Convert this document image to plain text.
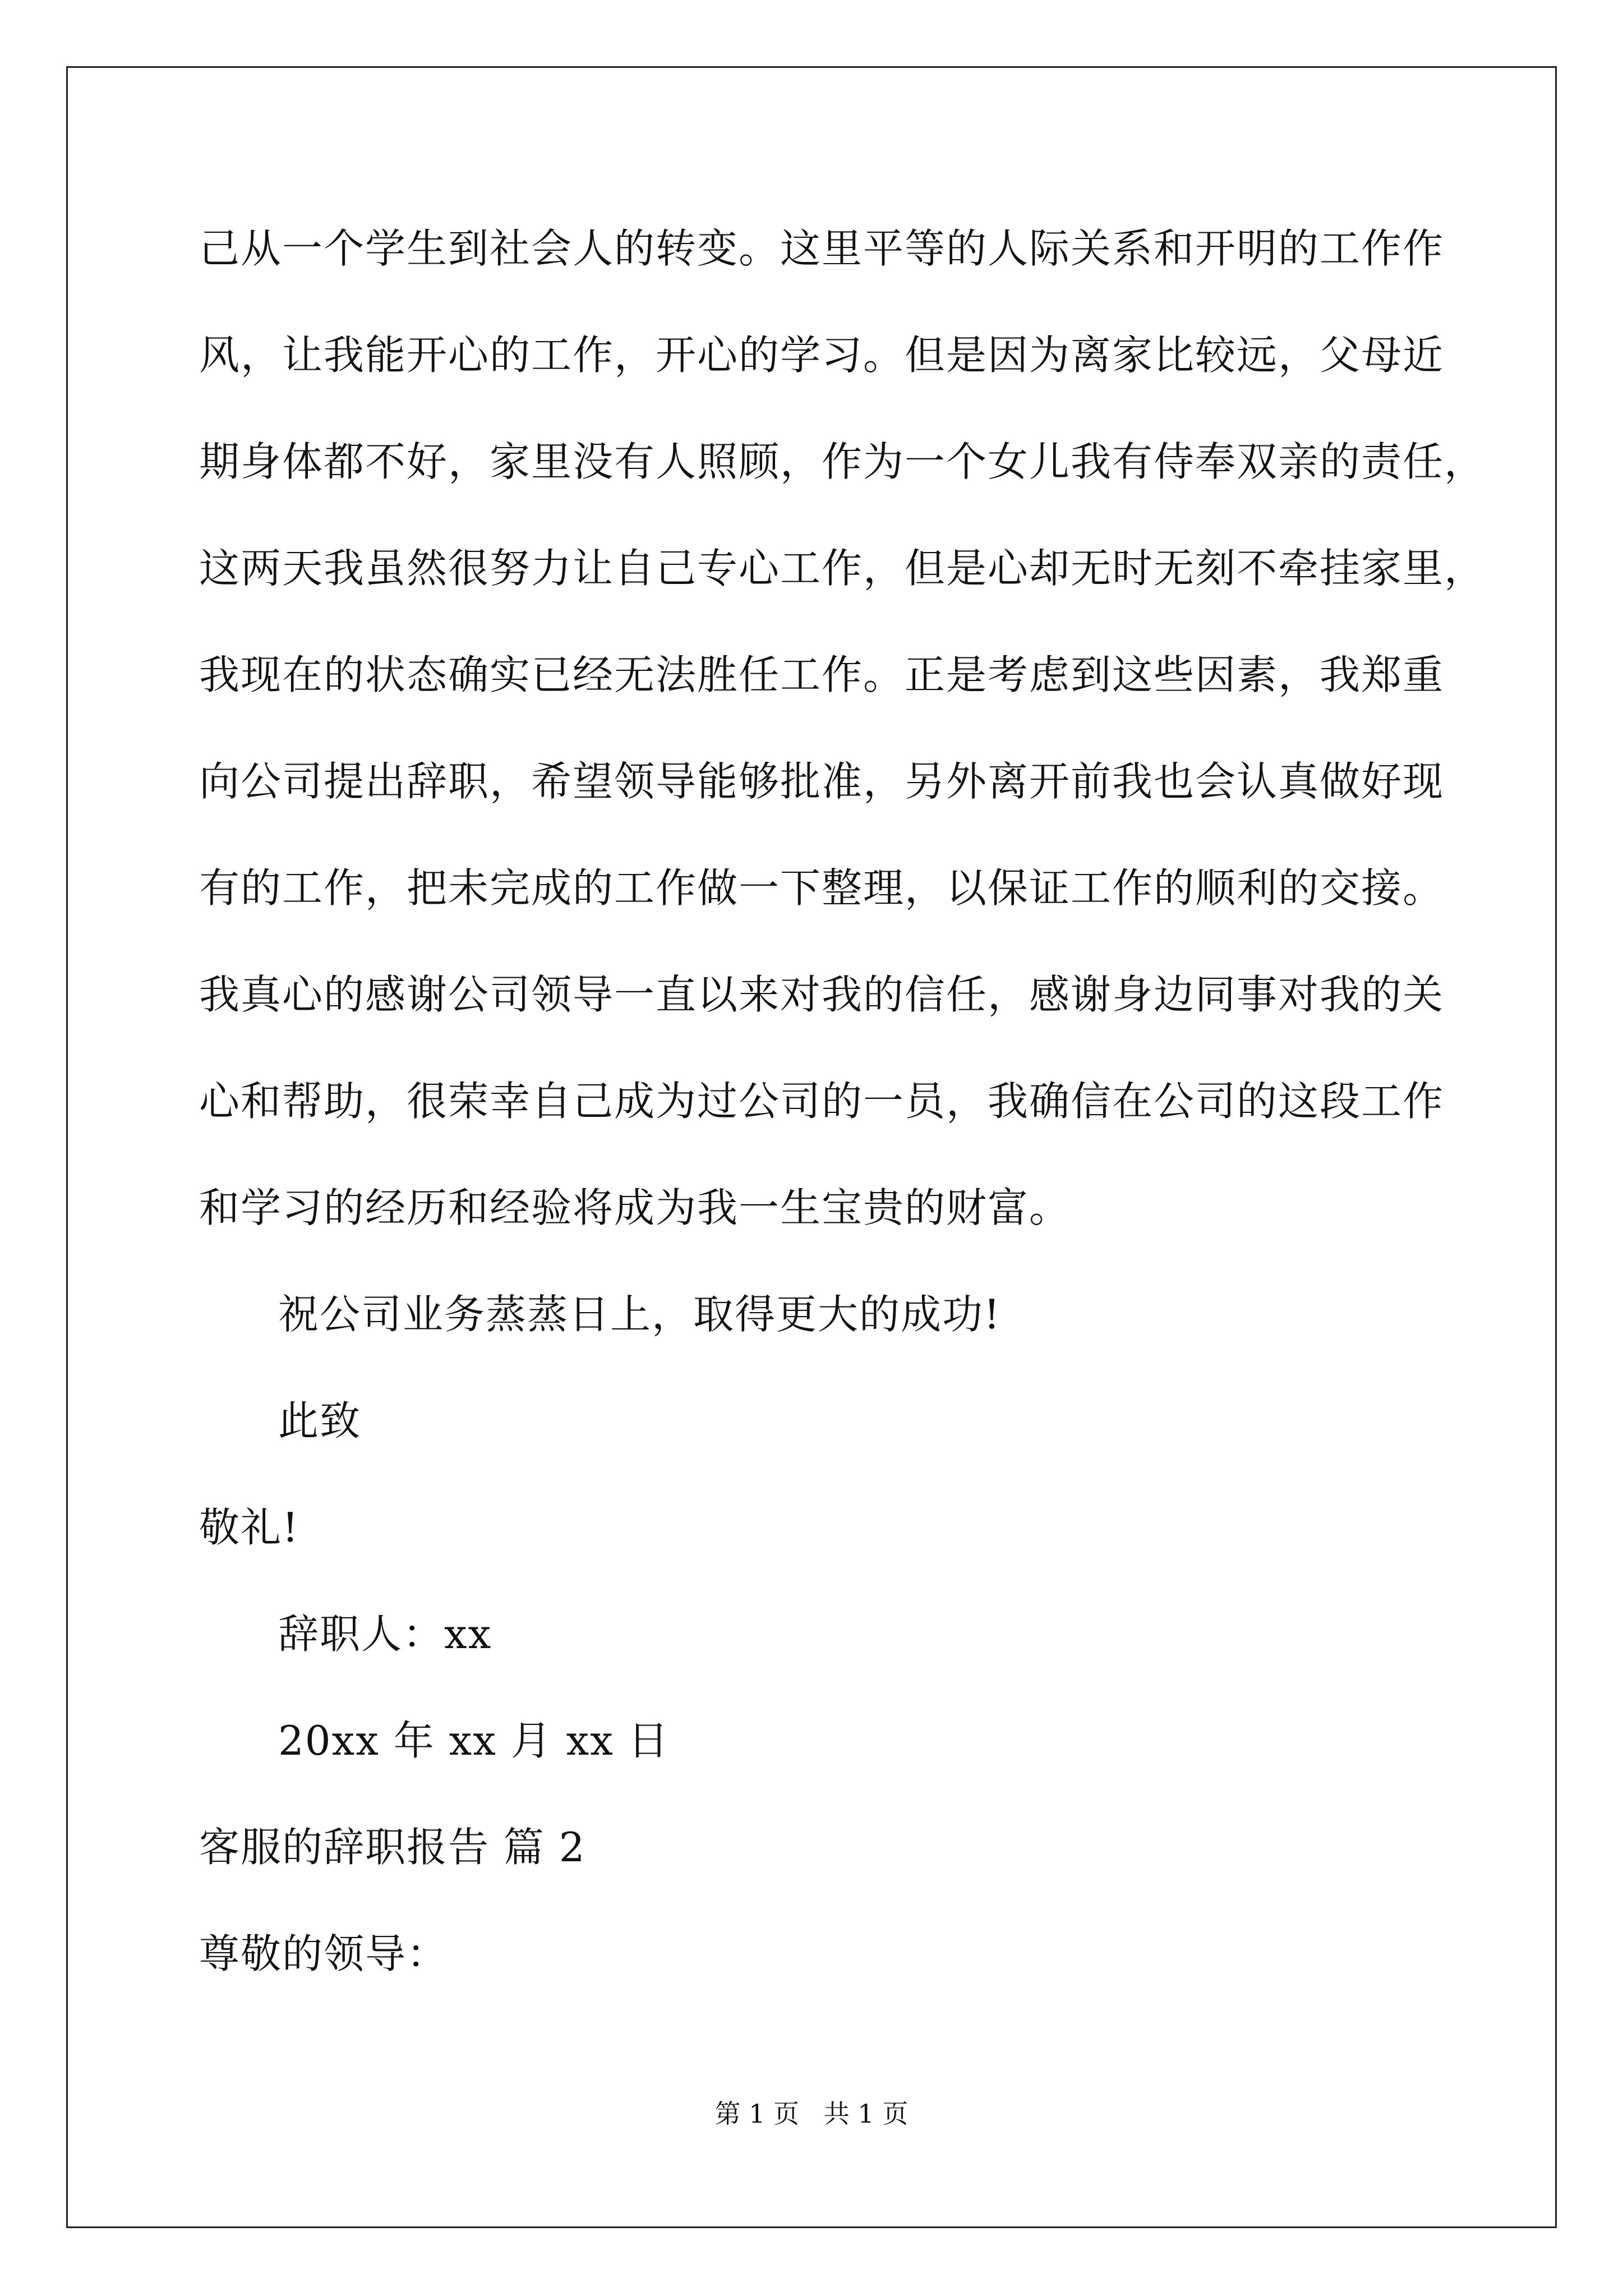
己从一个学生到社会人的转变。这里平等的人际关系和开明的工作作
风，让我能开心的工作，开心的学习。但是因为离家比较远，父母近
期身体都不好，家里没有人照顾，作为一个女儿我有侍奉双亲的责任，
这两天我虽然很努力让自己专心工作，但是心却无时无刻不牵挂家里，
我现在的状态确实已经无法胜任工作。正是考虑到这些因素，我郑重
向公司提出辞职，希望领导能够批准，另外离开前我也会认真做好现
有的工作，把未完成的工作做一下整理，以保证工作的顺利的交接。
我真心的感谢公司领导一直以来对我的信任，感谢身边同事对我的关
心和帮助，很荣幸自己成为过公司的一员，我确信在公司的这段工作
和学习的经历和经验将成为我一生宝贵的财富。
祝公司业务蒸蒸日上，取得更大的成功!
此致
敬礼!
辞职人：xx
20xx 年 xx 月 xx 日
客服的辞职报告 篇 2
尊敬的领导：
第 1 页   共 1 页
